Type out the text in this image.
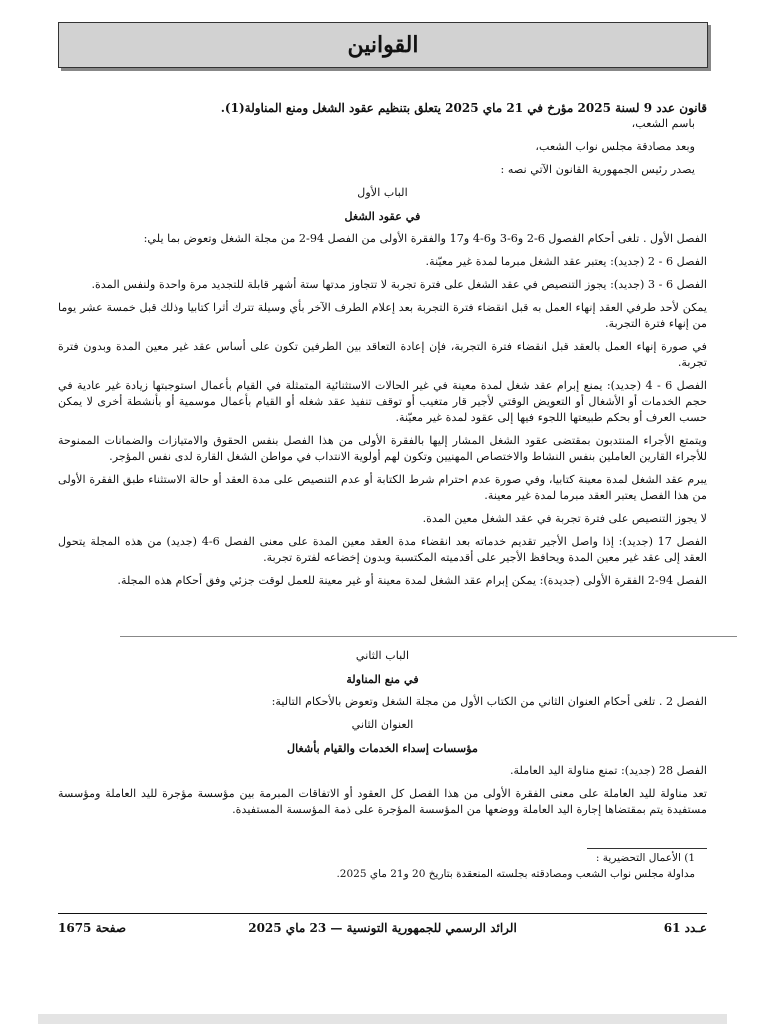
القوانين

قانون عدد 9 لسنة 2025 مؤرخ في 21 ماي 2025 يتعلق بتنظيم عقود الشغل ومنع المناولة(1).

باسم الشعب،

وبعد مصادقة مجلس نواب الشعب،

يصدر رئيس الجمهورية القانون الآتي نصه :

الباب الأول

في عقود الشغل

الفصل الأول . تلغى أحكام الفصول 6-2 و6-3 و6-4 و17 والفقرة الأولى من الفصل 94-2 من مجلة الشغل وتعوض بما يلي:

الفصل 6 - 2 (جديد): يعتبر عقد الشغل مبرما لمدة غير معيّنة.

الفصل 6 - 3 (جديد): يجوز التنصيص في عقد الشغل على فترة تجربة لا تتجاوز مدتها ستة أشهر قابلة للتجديد مرة واحدة ولنفس المدة.

يمكن لأحد طرفي العقد إنهاء العمل به قبل انقضاء فترة التجربة بعد إعلام الطرف الآخر بأي وسيلة تترك أثرا كتابيا وذلك قبل خمسة عشر يوما من إنهاء فترة التجربة.

في صورة إنهاء العمل بالعقد قبل انقضاء فترة التجربة، فإن إعادة التعاقد بين الطرفين تكون على أساس عقد غير معين المدة وبدون فترة تجربة.

الفصل 6 - 4 (جديد): يمنع إبرام عقد شغل لمدة معينة في غير الحالات الاستثنائية المتمثلة في القيام بأعمال استوجبتها زيادة غير عادية في حجم الخدمات أو الأشغال أو التعويض الوقتي لأجير قار متغيب أو توقف تنفيذ عقد شغله أو القيام بأعمال موسمية أو بأنشطة أخرى لا يمكن حسب العرف أو بحكم طبيعتها اللجوء فيها إلى عقود لمدة غير معيّنة.

ويتمتع الأجراء المنتدبون بمقتضى عقود الشغل المشار إليها بالفقرة الأولى من هذا الفصل بنفس الحقوق والامتيازات والضمانات الممنوحة للأجراء القارين العاملين بنفس النشاط والاختصاص المهنيين وتكون لهم أولوية الانتداب في مواطن الشغل القارة لدى نفس المؤجر.

يبرم عقد الشغل لمدة معينة كتابيا، وفي صورة عدم احترام شرط الكتابة أو عدم التنصيص على مدة العقد أو حالة الاستثناء طبق الفقرة الأولى من هذا الفصل يعتبر العقد مبرما لمدة غير معينة.

لا يجوز التنصيص على فترة تجربة في عقد الشغل معين المدة.

الفصل 17 (جديد): إذا واصل الأجير تقديم خدماته بعد انقضاء مدة العقد معين المدة على معنى الفصل 6-4 (جديد) من هذه المجلة يتحول العقد إلى عقد غير معين المدة ويحافظ الأجير على أقدميته المكتسبة وبدون إخضاعه لفترة تجربة.

الفصل 94-2 الفقرة الأولى (جديدة): يمكن إبرام عقد الشغل لمدة معينة أو غير معينة للعمل لوقت جزئي وفق أحكام هذه المجلة.

الباب الثاني

في منع المناولة

الفصل 2 . تلغى أحكام العنوان الثاني من الكتاب الأول من مجلة الشغل وتعوض بالأحكام التالية:

العنوان الثاني

مؤسسات إسداء الخدمات والقيام بأشغال

الفصل 28 (جديد): تمنع مناولة اليد العاملة.

تعد مناولة لليد العاملة على معنى الفقرة الأولى من هذا الفصل كل العقود أو الاتفاقات المبرمة بين مؤسسة مؤجرة لليد العاملة ومؤسسة مستفيدة يتم بمقتضاها إجارة اليد العاملة ووضعها من المؤسسة المؤجرة على ذمة المؤسسة المستفيدة.

1) الأعمال التحضيرية :

مداولة مجلس نواب الشعب ومصادقته بجلسته المنعقدة بتاريخ 20 و21 ماي 2025.

عـدد 61
الرائد الرسمي للجمهورية التونسية — 23 ماي 2025
صفحة 1675
